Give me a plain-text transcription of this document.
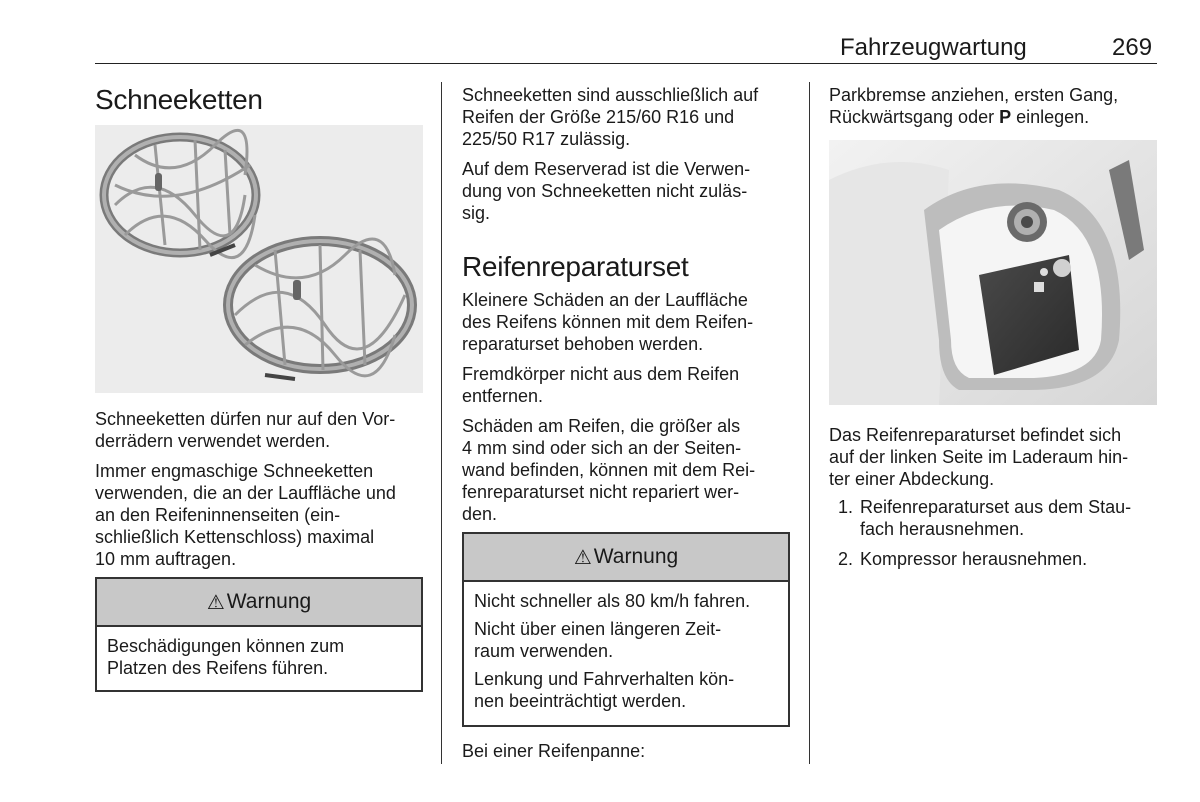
Fahrzeugwartung	269
Schneeketten

Schneeketten dürfen nur auf den Vor-
derrädern verwendet werden.

Immer engmaschige Schneeketten
verwenden, die an der Lauffläche und
an den Reifeninnenseiten (ein-
schließlich Kettenschloss) maximal
10 mm auftragen.

⚠ Warnung

Beschädigungen können zum
Platzen des Reifens führen.

Schneeketten sind ausschließlich auf
Reifen der Größe 215/60 R16 und
225/50 R17 zulässig.

Auf dem Reserverad ist die Verwen-
dung von Schneeketten nicht zuläs-
sig.

Reifenreparaturset

Kleinere Schäden an der Lauffläche
des Reifens können mit dem Reifen-
reparaturset behoben werden.

Fremdkörper nicht aus dem Reifen
entfernen.

Schäden am Reifen, die größer als
4 mm sind oder sich an der Seiten-
wand befinden, können mit dem Rei-
fenreparaturset nicht repariert wer-
den.

⚠ Warnung

Nicht schneller als 80 km/h fahren.

Nicht über einen längeren Zeit-
raum verwenden.

Lenkung und Fahrverhalten kön-
nen beeinträchtigt werden.

Bei einer Reifenpanne:

Parkbremse anziehen, ersten Gang,
Rückwärtsgang oder P einlegen.

Das Reifenreparaturset befindet sich
auf der linken Seite im Laderaum hin-
ter einer Abdeckung.

1. Reifenreparaturset aus dem Stau-
fach herausnehmen.
2. Kompressor herausnehmen.
